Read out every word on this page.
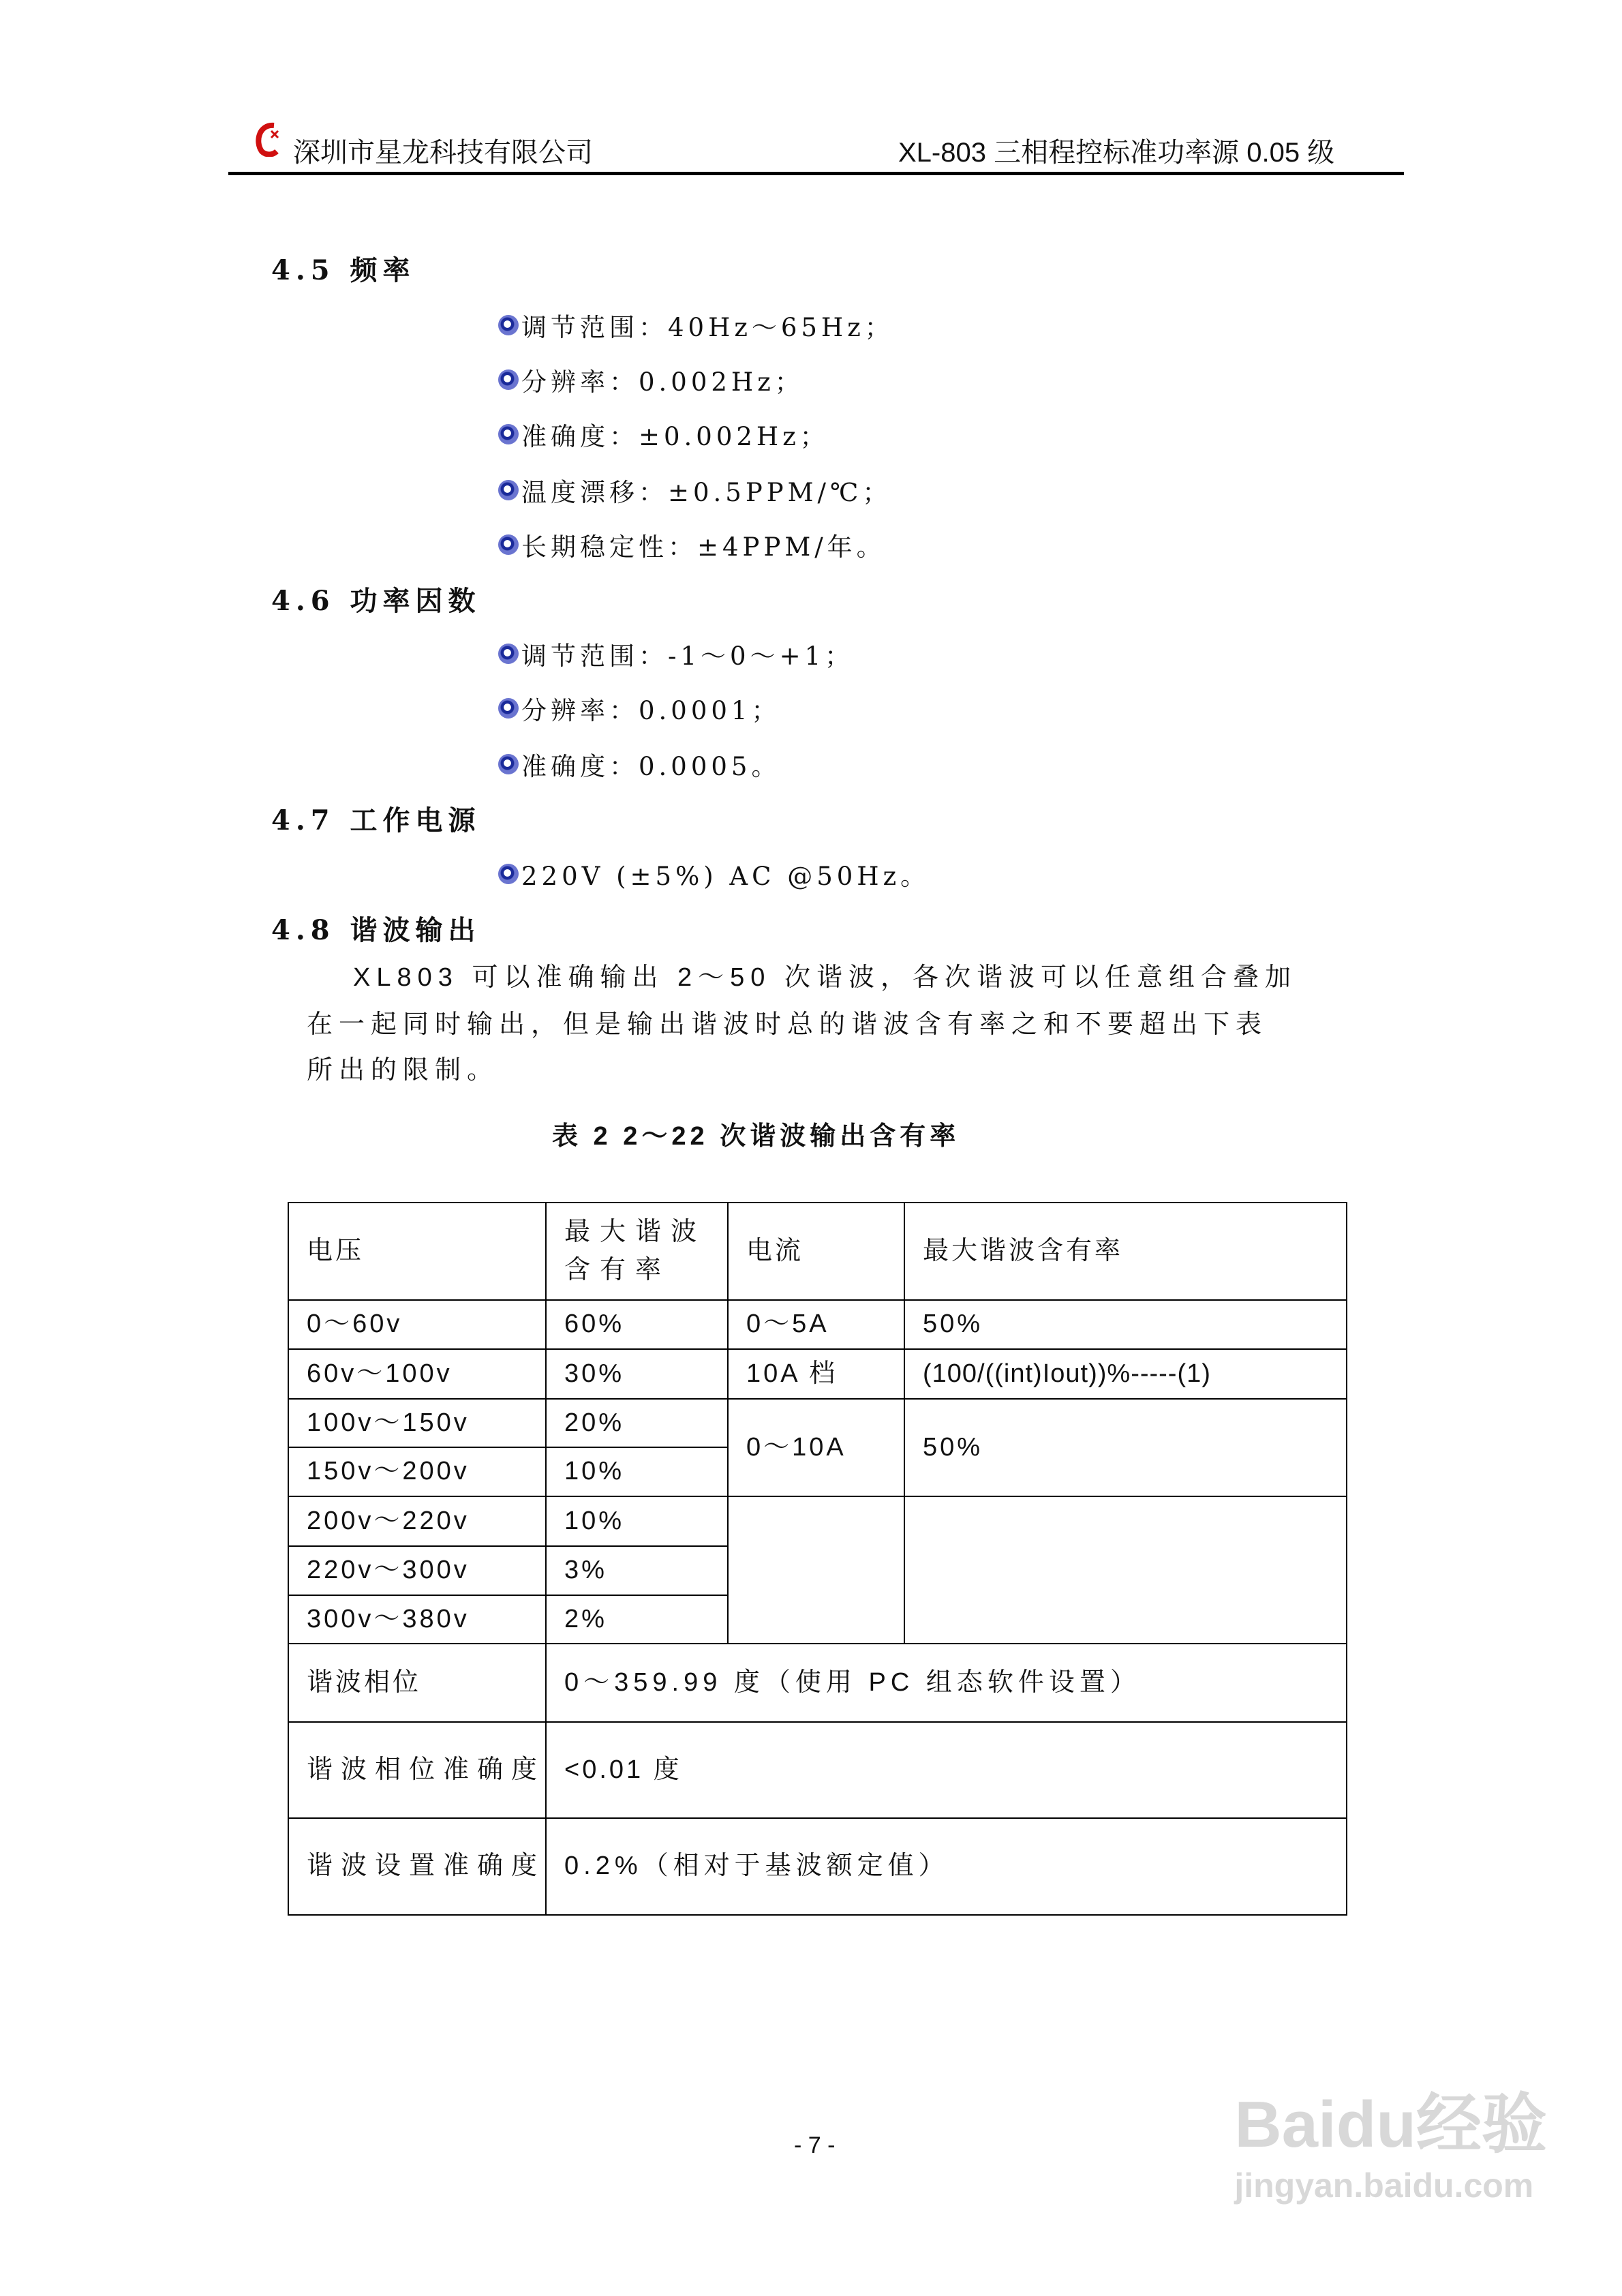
深圳市星龙科技有限公司	XL-803 三相程控标准功率源 0.05 级
4.5 频率
调节范围：40Hz～65Hz；
分辨率：0.002Hz；
准确度：±0.002Hz；
温度漂移：±0.5PPM/℃；
长期稳定性：±4PPM/年。
4.6 功率因数
调节范围：-1～0～+1；
分辨率：0.0001；
准确度：0.0005。
4.7 工作电源
220V (±5%) AC @50Hz。
4.8 谐波输出
XL803 可以准确输出 2～50 次谐波，各次谐波可以任意组合叠加
在一起同时输出，但是输出谐波时总的谐波含有率之和不要超出下表
所出的限制。
表 2 2～22 次谐波输出含有率
电压	最大谐波含有率	电流	最大谐波含有率
0～60v	60%	0～5A	50%
60v～100v	30%	10A 档	(100/((int)Iout))%-----(1)
100v～150v	20%	0～10A	50%
150v～200v	10%		
200v～220v	10%		
220v～300v	3%		
300v～380v	2%		
谐波相位	0～359.99 度（使用 PC 组态软件设置）		
谐波相位准确度	<0.01 度		
谐波设置准确度	0.2%（相对于基波额定值）		
- 7 -	Baidu经验
jingyan.baidu.com
